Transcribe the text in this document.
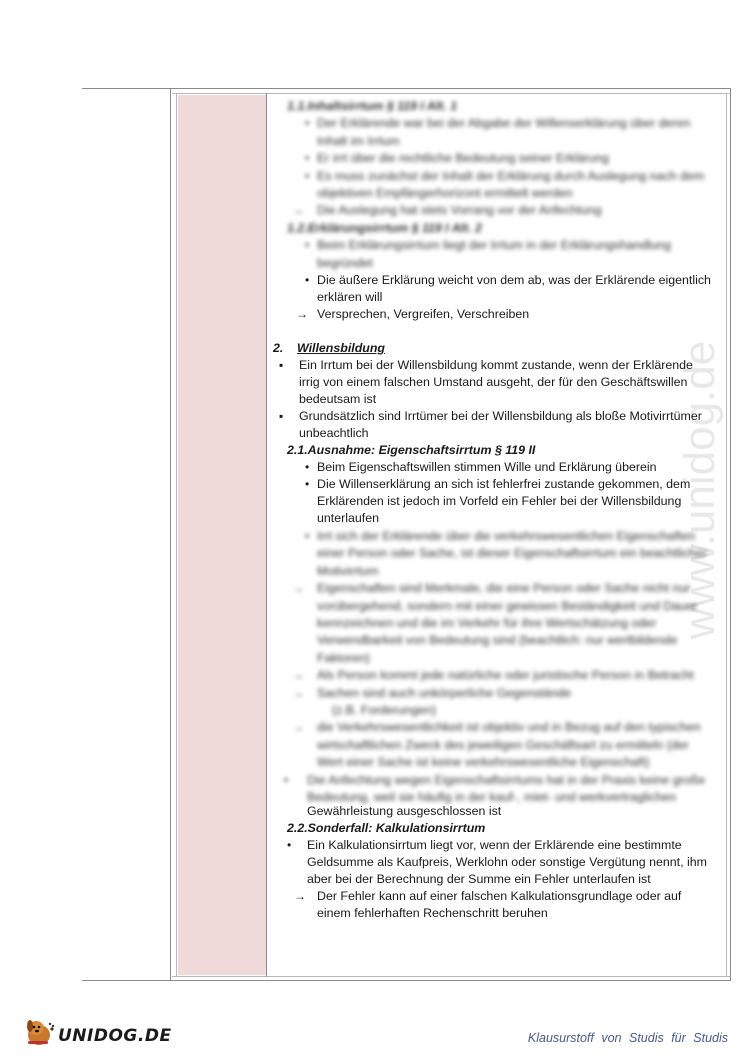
www.unidog.de
1.1.Inhaltsirrtum § 119 I Alt. 1
•
Der Erklärende war bei der Abgabe der Willenserklärung über deren
Inhalt im Irrtum
•
Er irrt über die rechtliche Bedeutung seiner Erklärung
•
Es muss zunächst der Inhalt der Erklärung durch Auslegung nach dem
objektiven Empfängerhorizont ermittelt werden
→
Die Auslegung hat stets Vorrang vor der Anfechtung
1.2.Erklärungsirrtum § 119 I Alt. 2
•
Beim Erklärungsirrtum liegt der Irrtum in der Erklärungshandlung
begründet
•
Die äußere Erklärung weicht von dem ab, was der Erklärende eigentlich
erklären will
→
Versprechen, Vergreifen, Verschreiben
2. Willensbildung
▪
Ein Irrtum bei der Willensbildung kommt zustande, wenn der Erklärende
irrig von einem falschen Umstand ausgeht, der für den Geschäftswillen
bedeutsam ist
▪
Grundsätzlich sind Irrtümer bei der Willensbildung als bloße Motivirrtümer
unbeachtlich
2.1.Ausnahme: Eigenschaftsirrtum § 119 II
•
Beim Eigenschaftswillen stimmen Wille und Erklärung überein
•
Die Willenserklärung an sich ist fehlerfrei zustande gekommen, dem
Erklärenden ist jedoch im Vorfeld ein Fehler bei der Willensbildung
unterlaufen
•
Irrt sich der Erklärende über die verkehrswesentlichen Eigenschaften
einer Person oder Sache, ist dieser Eigenschaftsirrtum ein beachtlicher
Motivirrtum
→
Eigenschaften sind Merkmale, die eine Person oder Sache nicht nur
vorübergehend, sondern mit einer gewissen Beständigkeit und Dauer
kennzeichnen und die im Verkehr für ihre Wertschätzung oder
Verwendbarkeit von Bedeutung sind (beachtlich: nur wertbildende
Faktoren)
→
Als Person kommt jede natürliche oder juristische Person in Betracht
→
Sachen sind auch unkörperliche Gegenstände
(z.B. Forderungen)
→
die Verkehrswesentlichkeit ist objektiv und in Bezug auf den typischen
wirtschaftlichen Zweck des jeweiligen Geschäftsart zu ermitteln (der
Wert einer Sache ist keine verkehrswesentliche Eigenschaft)
•
Die Anfechtung wegen Eigenschaftsirrtums hat in der Praxis keine große
Bedeutung, weil sie häufig in der kauf-, miet- und werkvertraglichen
Gewährleistung ausgeschlossen ist
2.2.Sonderfall: Kalkulationsirrtum
•
Ein Kalkulationsirrtum liegt vor, wenn der Erklärende eine bestimmte
Geldsumme als Kaufpreis, Werklohn oder sonstige Vergütung nennt, ihm
aber bei der Berechnung der Summe ein Fehler unterlaufen ist
→
Der Fehler kann auf einer falschen Kalkulationsgrundlage oder auf
einem fehlerhaften Rechenschritt beruhen
UNIDOG.DE	Klausurstoff von Studis für Studis
